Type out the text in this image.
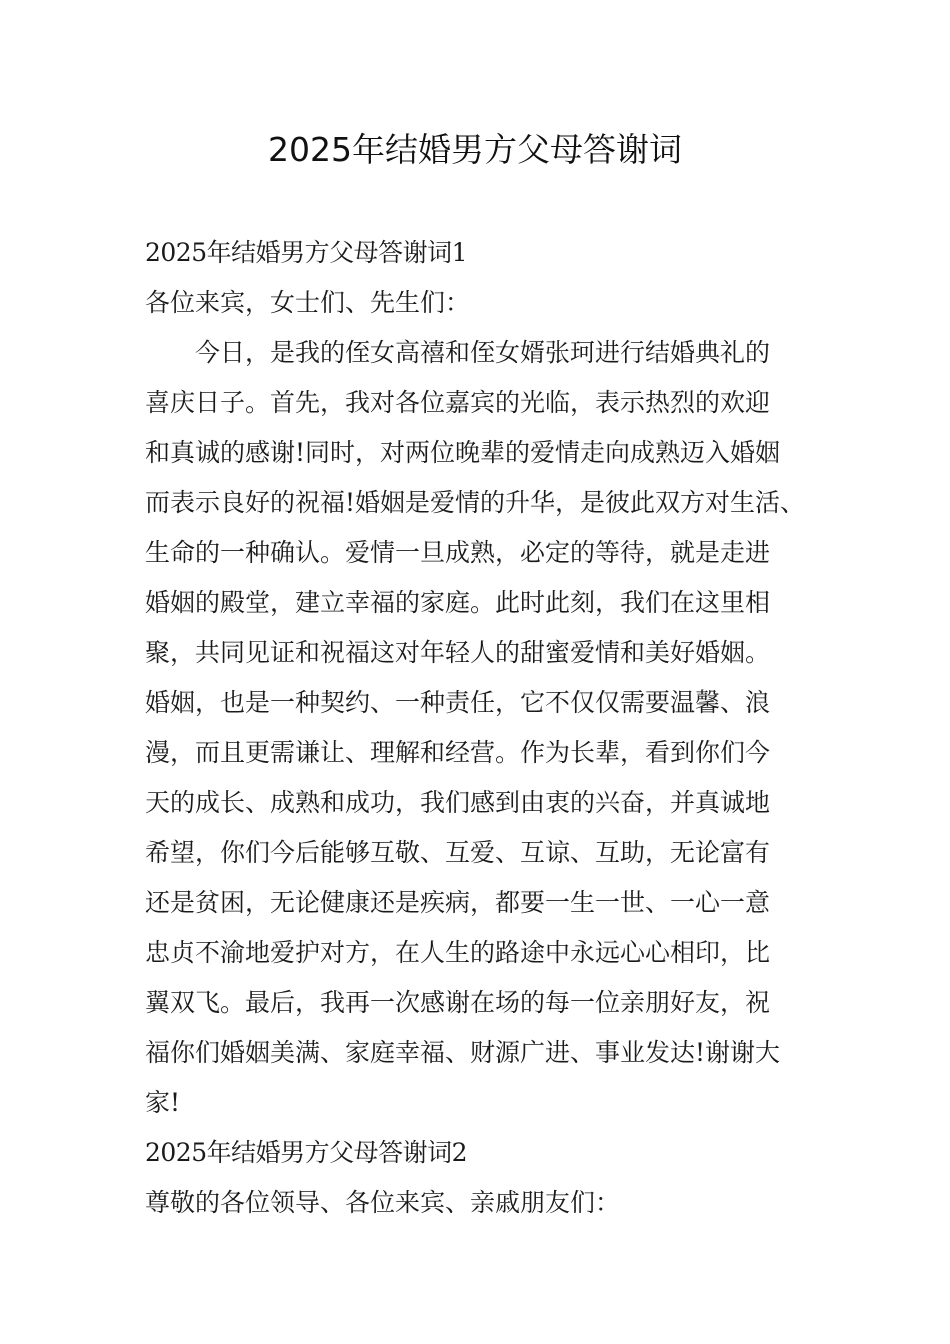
2025年结婚男方父母答谢词
2025年结婚男方父母答谢词1
各位来宾，女士们、先生们：
　　今日，是我的侄女高禧和侄女婿张珂进行结婚典礼的
喜庆日子。首先，我对各位嘉宾的光临，表示热烈的欢迎
和真诚的感谢!同时，对两位晚辈的爱情走向成熟迈入婚姻
而表示良好的祝福!婚姻是爱情的升华，是彼此双方对生活、
生命的一种确认。爱情一旦成熟，必定的等待，就是走进
婚姻的殿堂，建立幸福的家庭。此时此刻，我们在这里相
聚，共同见证和祝福这对年轻人的甜蜜爱情和美好婚姻。
婚姻，也是一种契约、一种责任，它不仅仅需要温馨、浪
漫，而且更需谦让、理解和经营。作为长辈，看到你们今
天的成长、成熟和成功，我们感到由衷的兴奋，并真诚地
希望，你们今后能够互敬、互爱、互谅、互助，无论富有
还是贫困，无论健康还是疾病，都要一生一世、一心一意
忠贞不渝地爱护对方，在人生的路途中永远心心相印，比
翼双飞。最后，我再一次感谢在场的每一位亲朋好友，祝
福你们婚姻美满、家庭幸福、财源广进、事业发达!谢谢大
家!
2025年结婚男方父母答谢词2
尊敬的各位领导、各位来宾、亲戚朋友们：
